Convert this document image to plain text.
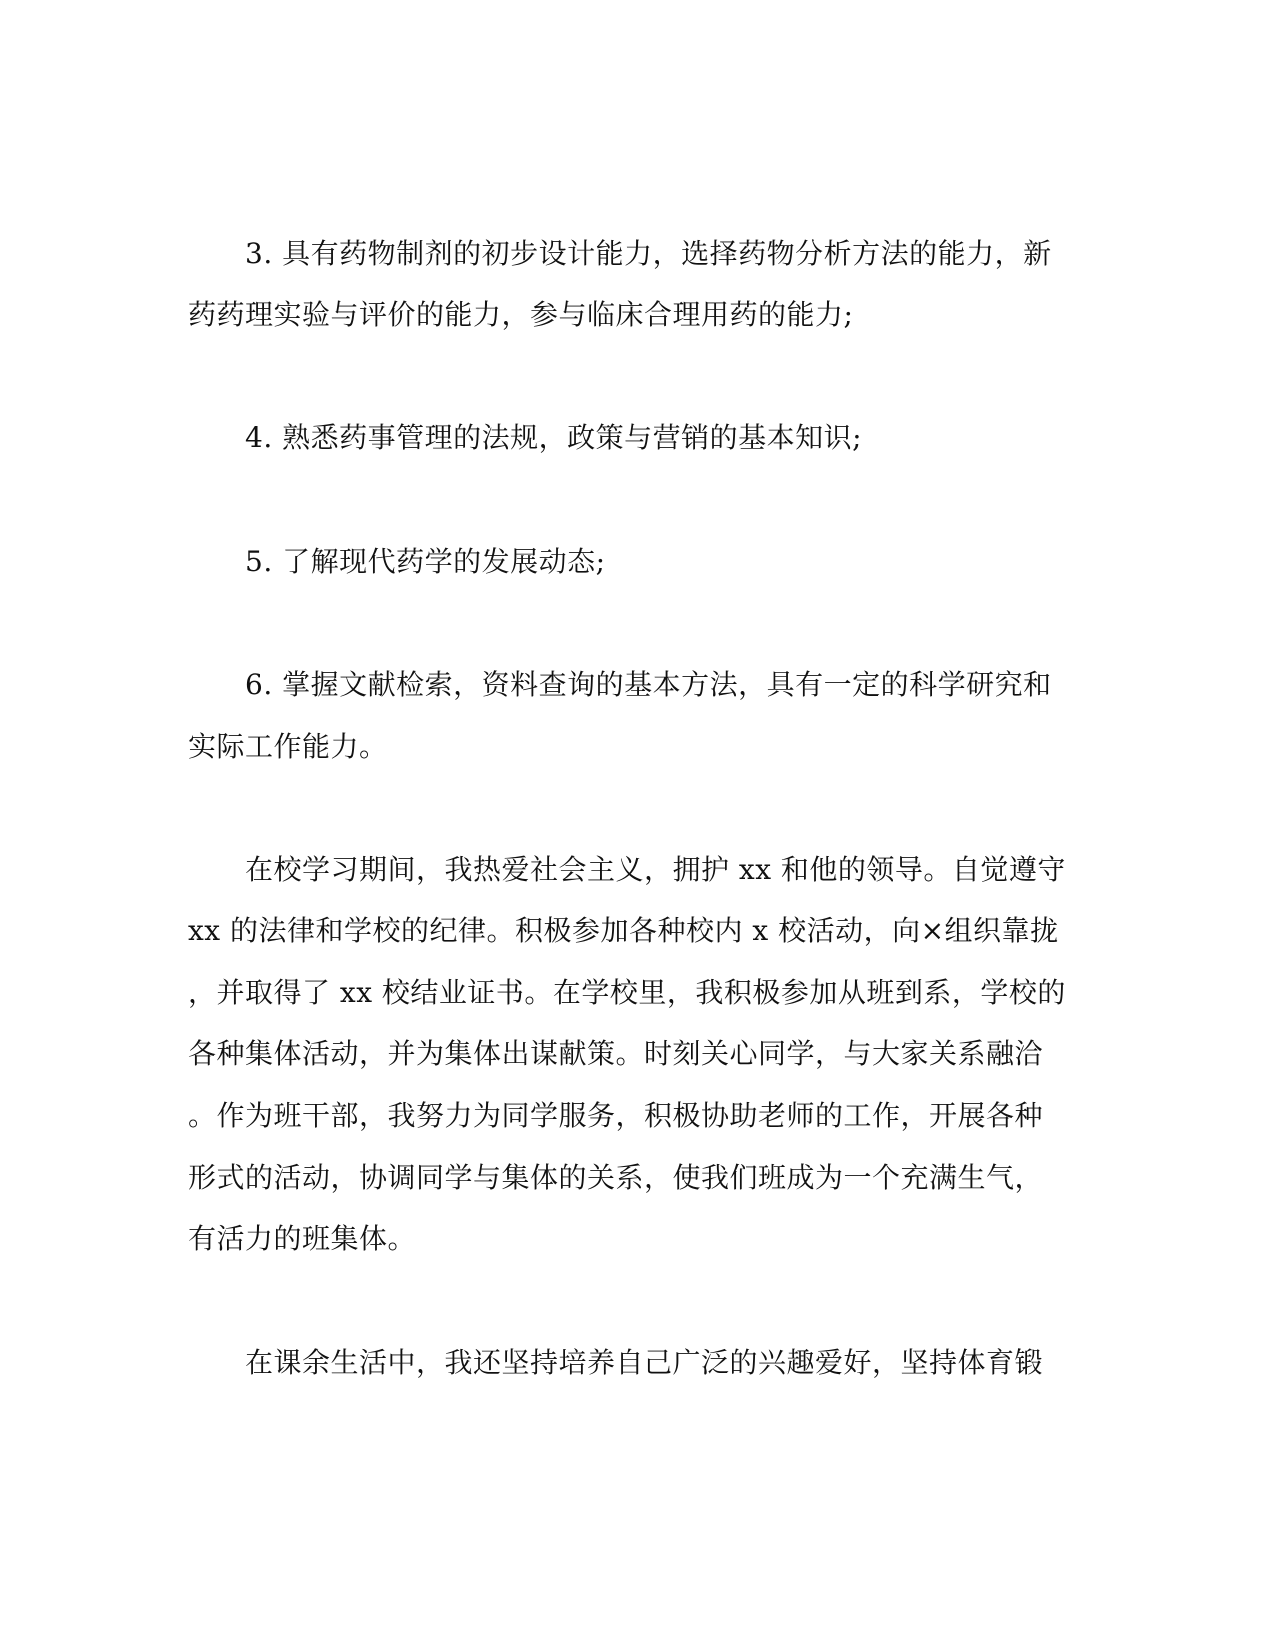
3. 具有药物制剂的初步设计能力，选择药物分析方法的能力，新
药药理实验与评价的能力，参与临床合理用药的能力;
4. 熟悉药事管理的法规，政策与营销的基本知识;
5. 了解现代药学的发展动态;
6. 掌握文献检索，资料查询的基本方法，具有一定的科学研究和
实际工作能力。
在校学习期间，我热爱社会主义，拥护 xx 和他的领导。自觉遵守
xx 的法律和学校的纪律。积极参加各种校内 x 校活动，向×组织靠拢
，并取得了 xx 校结业证书。在学校里，我积极参加从班到系，学校的
各种集体活动，并为集体出谋献策。时刻关心同学，与大家关系融洽
。作为班干部，我努力为同学服务，积极协助老师的工作，开展各种
形式的活动，协调同学与集体的关系，使我们班成为一个充满生气，
有活力的班集体。
在课余生活中，我还坚持培养自己广泛的兴趣爱好，坚持体育锻
